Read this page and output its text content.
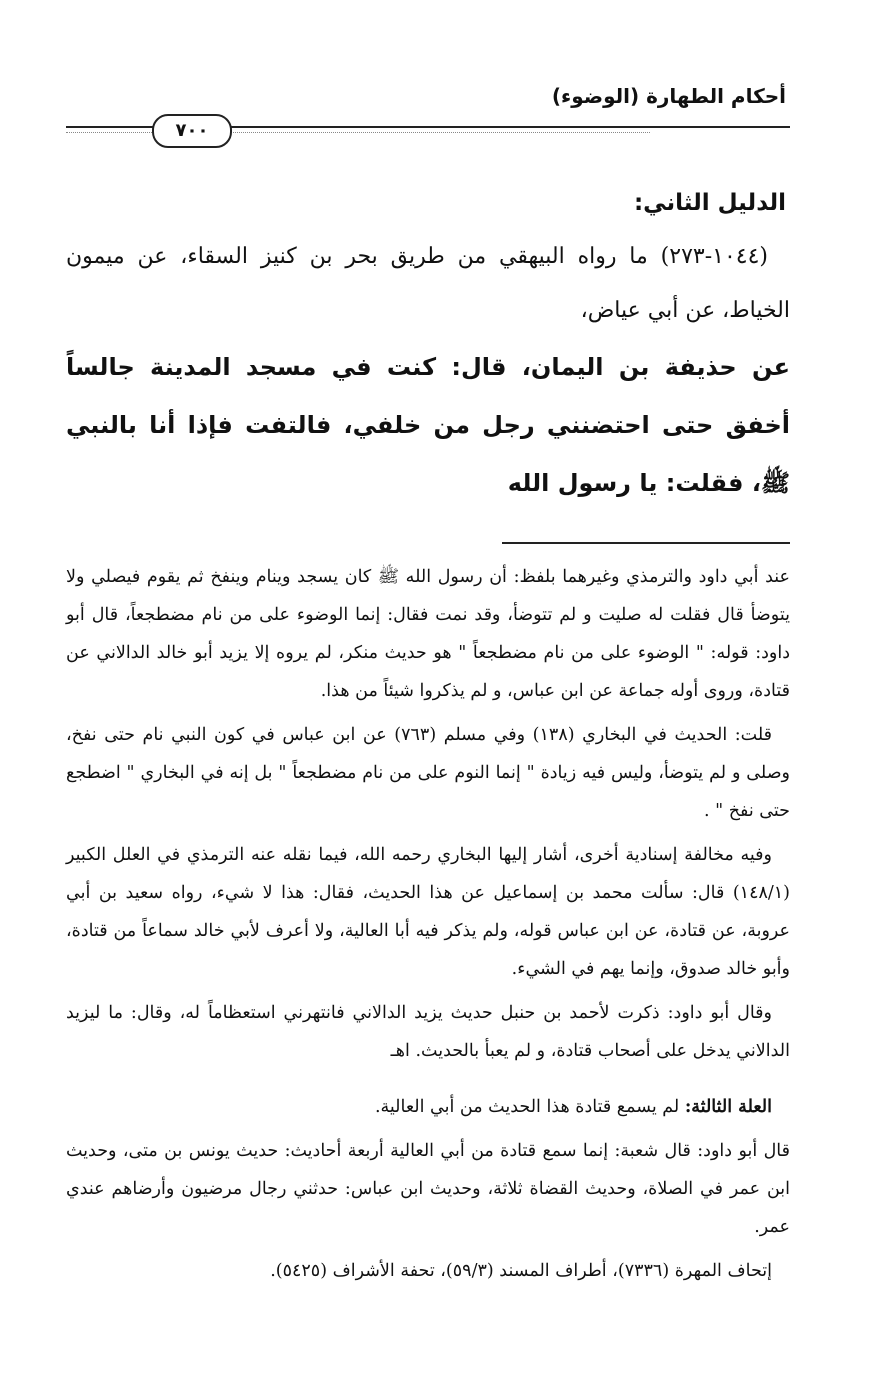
أحكام الطهارة (الوضوء)
٧٠٠
الدليل الثاني:

(١٠٤٤-٢٧٣) ما رواه البيهقي من طريق بحر بن كنيز السقاء، عن ميمون الخياط، عن أبي عياض،

عن حذيفة بن اليمان، قال: كنت في مسجد المدينة جالساً أخفق حتى احتضنني رجل من خلفي، فالتفت فإذا أنا بالنبي ﷺ، فقلت: يا رسول الله

عند أبي داود والترمذي وغيرهما بلفظ: أن رسول الله ﷺ كان يسجد وينام وينفخ ثم يقوم فيصلي ولا يتوضأ قال فقلت له صليت و لم تتوضأ، وقد نمت فقال: إنما الوضوء على من نام مضطجعاً، قال أبو داود: قوله: " الوضوء على من نام مضطجعاً " هو حديث منكر، لم يروه إلا يزيد أبو خالد الدالاني عن قتادة، وروى أوله جماعة عن ابن عباس، و لم يذكروا شيئاً من هذا.

قلت: الحديث في البخاري (١٣٨) وفي مسلم (٧٦٣) عن ابن عباس في كون النبي نام حتى نفخ، وصلى و لم يتوضأ، وليس فيه زيادة " إنما النوم على من نام مضطجعاً " بل إنه في البخاري " اضطجع حتى نفخ " .

وفيه مخالفة إسنادية أخرى، أشار إليها البخاري رحمه الله، فيما نقله عنه الترمذي في العلل الكبير (١٤٨/١) قال: سألت محمد بن إسماعيل عن هذا الحديث، فقال: هذا لا شيء، رواه سعيد بن أبي عروبة، عن قتادة، عن ابن عباس قوله، ولم يذكر فيه أبا العالية، ولا أعرف لأبي خالد سماعاً من قتادة، وأبو خالد صدوق، وإنما يهم في الشيء.

وقال أبو داود: ذكرت لأحمد بن حنبل حديث يزيد الدالاني فانتهرني استعظاماً له، وقال: ما ليزيد الدالاني يدخل على أصحاب قتادة، و لم يعبأ بالحديث. اهـ

العلة الثالثة: لم يسمع قتادة هذا الحديث من أبي العالية.

قال أبو داود: قال شعبة: إنما سمع قتادة من أبي العالية أربعة أحاديث: حديث يونس بن متى، وحديث ابن عمر في الصلاة، وحديث القضاة ثلاثة، وحديث ابن عباس: حدثني رجال مرضيون وأرضاهم عندي عمر.

إتحاف المهرة (٧٣٣٦)، أطراف المسند (٥٩/٣)، تحفة الأشراف (٥٤٢٥).
